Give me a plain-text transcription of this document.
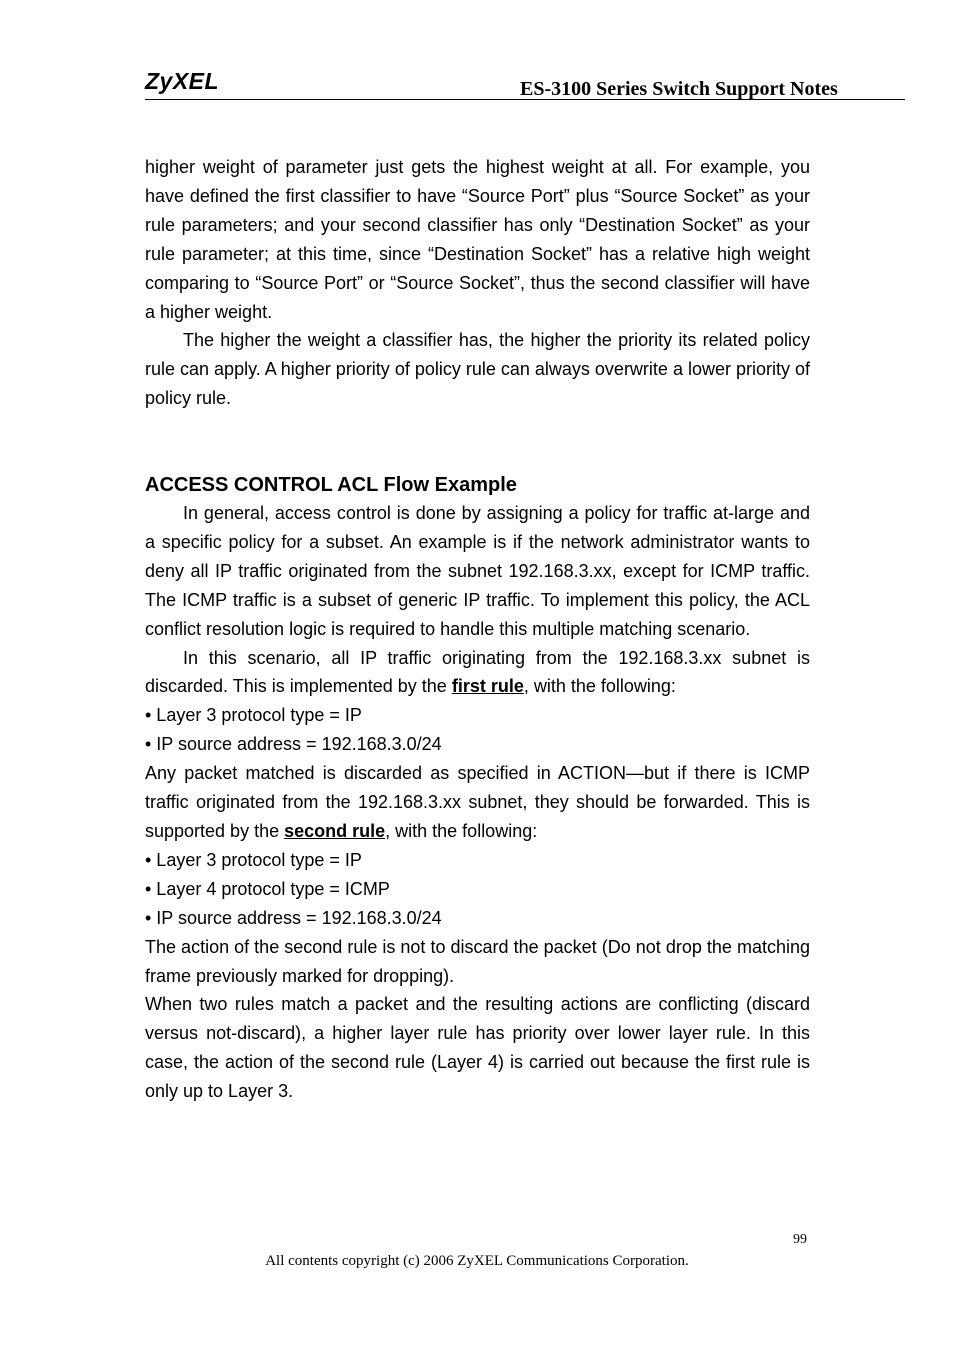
ZyXEL	ES-3100 Series Switch Support Notes

higher weight of parameter just gets the highest weight at all. For example, you have defined the first classifier to have “Source Port” plus “Source Socket” as your rule parameters; and your second classifier has only “Destination Socket” as your rule parameter; at this time, since “Destination Socket” has a relative high weight comparing to “Source Port” or “Source Socket”, thus the second classifier will have a higher weight.

The higher the weight a classifier has, the higher the priority its related policy rule can apply. A higher priority of policy rule can always overwrite a lower priority of policy rule.

ACCESS CONTROL ACL Flow Example

In general, access control is done by assigning a policy for traffic at-large and a specific policy for a subset. An example is if the network administrator wants to deny all IP traffic originated from the subnet 192.168.3.xx, except for ICMP traffic. The ICMP traffic is a subset of generic IP traffic. To implement this policy, the ACL conflict resolution logic is required to handle this multiple matching scenario.

In this scenario, all IP traffic originating from the 192.168.3.xx subnet is discarded. This is implemented by the first rule, with the following:

• Layer 3 protocol type = IP

• IP source address = 192.168.3.0/24

Any packet matched is discarded as specified in ACTION—but if there is ICMP traffic originated from the 192.168.3.xx subnet, they should be forwarded. This is supported by the second rule, with the following:

• Layer 3 protocol type = IP

• Layer 4 protocol type = ICMP

• IP source address = 192.168.3.0/24

The action of the second rule is not to discard the packet (Do not drop the matching frame previously marked for dropping).

When two rules match a packet and the resulting actions are conflicting (discard versus not-discard), a higher layer rule has priority over lower layer rule. In this case, the action of the second rule (Layer 4) is carried out because the first rule is only up to Layer 3.

99
All contents copyright (c) 2006 ZyXEL Communications Corporation.
